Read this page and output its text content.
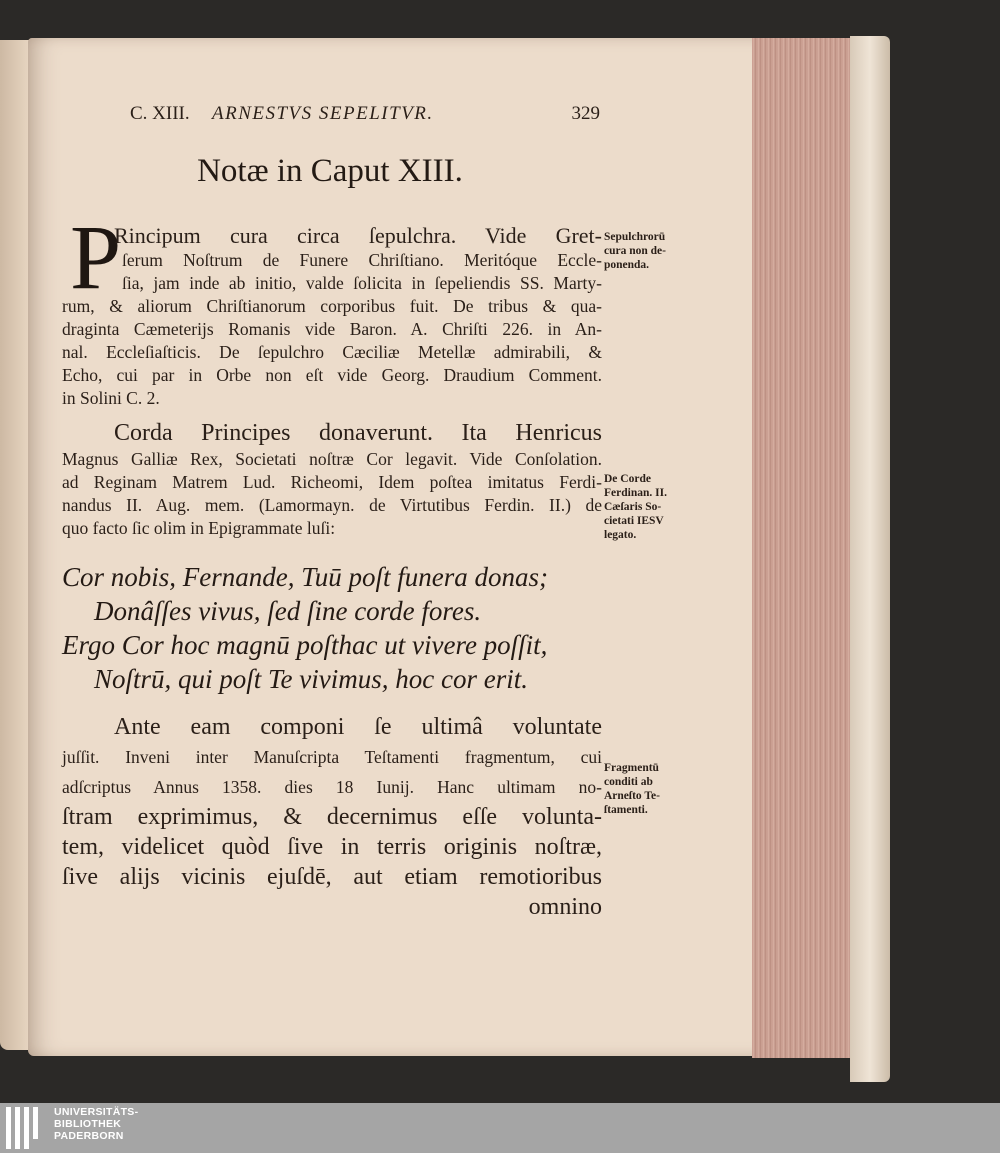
C. XIII. ARNESTVS SEPELITVR.	329
Notæ in Caput XIII.
P
Rincipum cura circa ſepulchra. Vide Gret-
ſerum Noſtrum de Funere Chriſtiano. Meritóque Eccle-
ſia, jam inde ab initio, valde ſolicita in ſepeliendis SS. Marty-
rum, & aliorum Chriſtianorum corporibus fuit. De tribus & qua-
draginta Cæmeterijs Romanis vide Baron. A. Chriſti 226. in An-
nal. Eccleſiaſticis. De ſepulchro Cæciliæ Metellæ admirabili, &
Echo, cui par in Orbe non eſt vide Georg. Draudium Comment.
in Solini C. 2.
Corda Principes donaverunt. Ita Henricus
Magnus Galliæ Rex, Societati noſtræ Cor legavit. Vide Conſolation.
ad Reginam Matrem Lud. Richeomi, Idem poſtea imitatus Ferdi-
nandus II. Aug. mem. (Lamormayn. de Virtutibus Ferdin. II.) de
quo facto ſic olim in Epigrammate luſi:
Cor nobis, Fernande, Tuū poſt funera donas;
Donâſſes vivus, ſed ſine corde fores.
Ergo Cor hoc magnū poſthac ut vivere poſſit,
Noſtrū, qui poſt Te vivimus, hoc cor erit.
Ante eam componi ſe ultimâ voluntate
juſſit. Inveni inter Manuſcripta Teſtamenti fragmentum, cui
adſcriptus Annus 1358. dies 18 Iunij. Hanc ultimam no-
ſtram exprimimus, & decernimus eſſe volunta-
tem, videlicet quòd ſive in terris originis noſtræ,
ſive alijs vicinis ejuſdē, aut etiam remotioribus
omnino
Sepulchrorū
cura non de-
ponenda.
De Corde
Ferdinan. II.
Cæſaris So-
cietati IESV
legato.
Fragmentū
conditi ab
Arneſto Te-
ſtamenti.
UNIVERSITÄTS-
BIBLIOTHEK
PADERBORN
